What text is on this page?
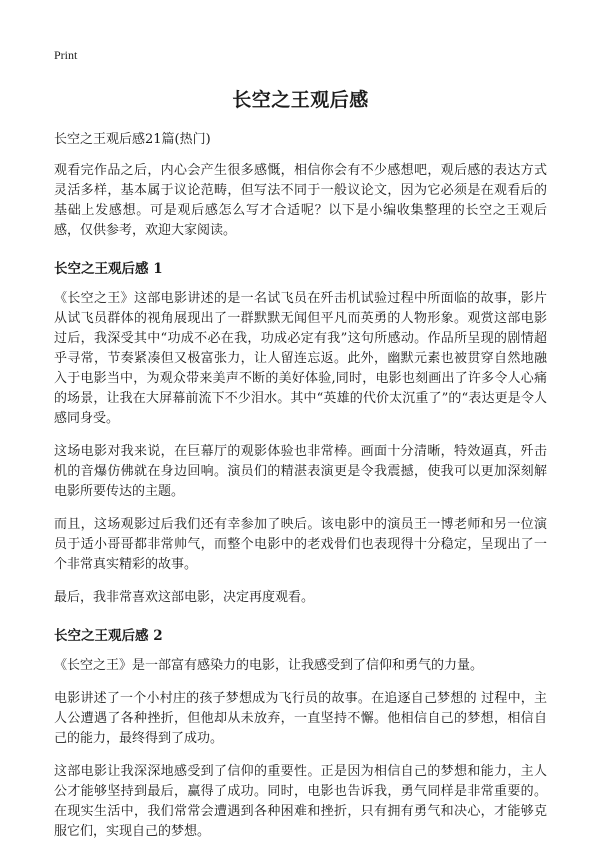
Print
长空之王观后感
长空之王观后感21篇(热门)

观看完作品之后，内心会产生很多感慨，相信你会有不少感想吧，观后感的表达方式灵活多样，基本属于议论范畴，但写法不同于一般议论文，因为它必须是在观看后的基础上发感想。可是观后感怎么写才合适呢？以下是小编收集整理的长空之王观后感，仅供参考，欢迎大家阅读。

长空之王观后感 1

《长空之王》这部电影讲述的是一名试飞员在歼击机试验过程中所面临的故事，影片从试飞员群体的视角展现出了一群默默无闻但平凡而英勇的人物形象。观赏这部电影过后，我深受其中“功成不必在我，功成必定有我”这句所感动。作品所呈现的剧情超乎寻常，节奏紧凑但又极富张力，让人留连忘返。此外，幽默元素也被贯穿自然地融入于电影当中，为观众带来美声不断的美好体验,同时，电影也刻画出了许多令人心痛的场景，让我在大屏幕前流下不少泪水。其中“英雄的代价太沉重了”的“表达更是令人感同身受。

这场电影对我来说，在巨幕厅的观影体验也非常棒。画面十分清晰，特效逼真，歼击机的音爆仿佛就在身边回响。演员们的精湛表演更是令我震撼，使我可以更加深刻解电影所要传达的主题。

而且，这场观影过后我们还有幸参加了映后。该电影中的演员王一博老师和另一位演员于适小哥哥都非常帅气，而整个电影中的老戏骨们也表现得十分稳定，呈现出了一个非常真实精彩的故事。

最后，我非常喜欢这部电影，决定再度观看。

长空之王观后感 2

《长空之王》是一部富有感染力的电影，让我感受到了信仰和勇气的力量。

电影讲述了一个小村庄的孩子梦想成为飞行员的故事。在追逐自己梦想的 过程中，主人公遭遇了各种挫折，但他却从未放弃，一直坚持不懈。他相信自己的梦想，相信自己的能力，最终得到了成功。

这部电影让我深深地感受到了信仰的重要性。正是因为相信自己的梦想和能力，主人公才能够坚持到最后，赢得了成功。同时，电影也告诉我，勇气同样是非常重要的。在现实生活中，我们常常会遭遇到各种困难和挫折，只有拥有勇气和决心，才能够克服它们，实现自己的梦想。
